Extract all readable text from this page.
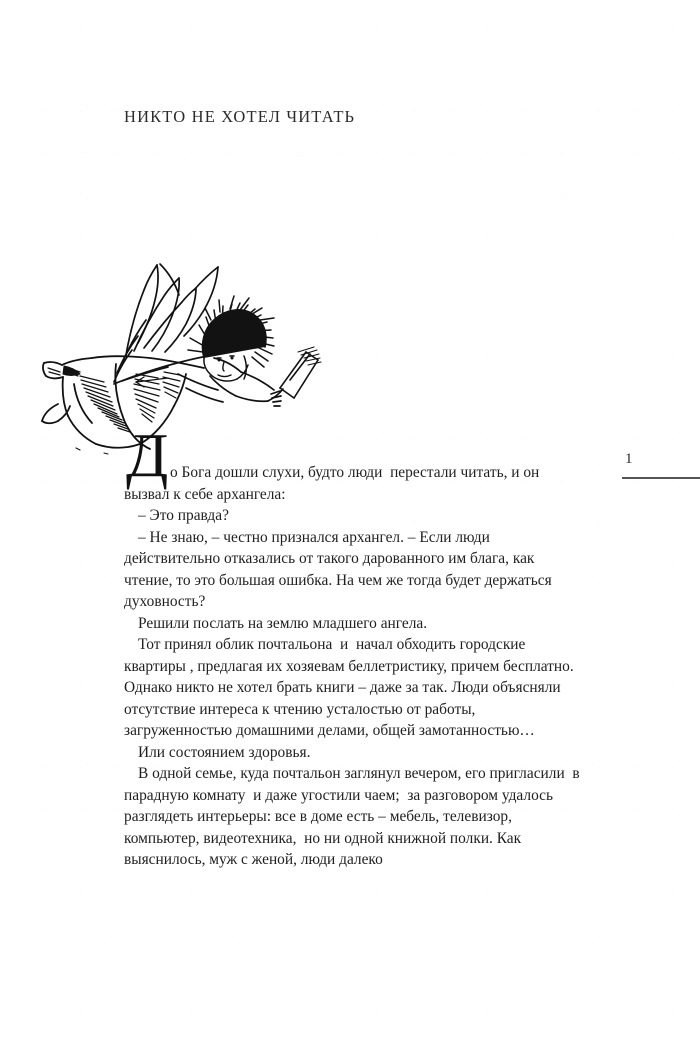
НИКТО НЕ ХОТЕЛ ЧИТАТЬ
1
Д о Бога дошли слухи, будто люди  перестали читать, и он вызвал к себе архангела:

– Это правда?

– Не знаю, – честно признался архангел. – Если люди действительно отказались от такого дарованного им блага, как чтение, то это большая ошибка. На чем же тогда будет держаться   духовность?

Решили послать на землю младшего ангела.

Тот принял облик почтальона  и  начал обходить городские квартиры , предлагая их хозяевам беллетристику, причем бесплатно. Однако никто не хотел брать книги – даже за так. Люди объясняли отсутствие интереса к чтению усталостью от работы,  загруженностью домашними делами, общей замотанностью…

Или состоянием здоровья.

В одной семье, куда почтальон заглянул вечером, его пригласили  в парадную комнату  и даже угостили чаем;  за разговором удалось разглядеть интерьеры: все в доме есть – мебель, телевизор, компьютер, видеотехника,  но ни одной книжной полки. Как выяснилось, муж с женой, люди далеко
